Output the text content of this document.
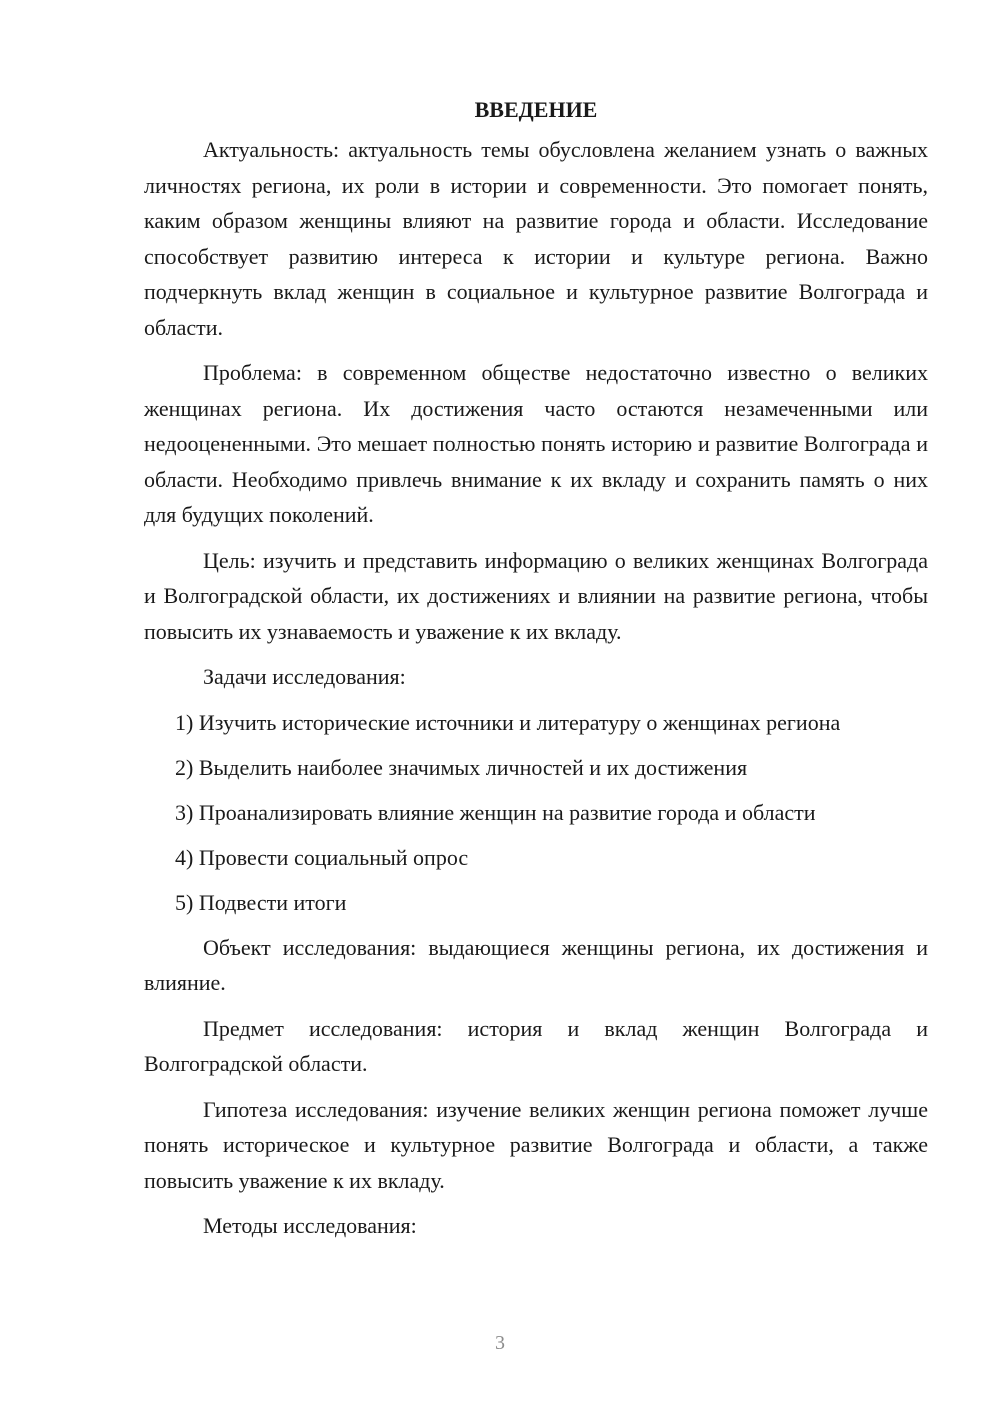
ВВЕДЕНИЕ

Актуальность: актуальность темы обусловлена желанием узнать о важных личностях региона, их роли в истории и современности. Это помогает понять, каким образом женщины влияют на развитие города и области. Исследование способствует развитию интереса к истории и культуре региона. Важно подчеркнуть вклад женщин в социальное и культурное развитие Волгограда и области.

Проблема: в современном обществе недостаточно известно о великих женщинах региона. Их достижения часто остаются незамеченными или недооцененными. Это мешает полностью понять историю и развитие Волгограда и области. Необходимо привлечь внимание к их вкладу и сохранить память о них для будущих поколений.

Цель: изучить и представить информацию о великих женщинах Волгограда и Волгоградской области, их достижениях и влиянии на развитие региона, чтобы повысить их узнаваемость и уважение к их вкладу.

Задачи исследования:

1) Изучить исторические источники и литературу о женщинах региона
2) Выделить наиболее значимых личностей и их достижения
3) Проанализировать влияние женщин на развитие города и области
4) Провести социальный опрос
5) Подвести итоги

Объект исследования: выдающиеся женщины региона, их достижения и влияние.

Предмет исследования: история и вклад женщин Волгограда и Волгоградской области.

Гипотеза исследования: изучение великих женщин региона поможет лучше понять историческое и культурное развитие Волгограда и области, а также повысить уважение к их вкладу.

Методы исследования:

3
